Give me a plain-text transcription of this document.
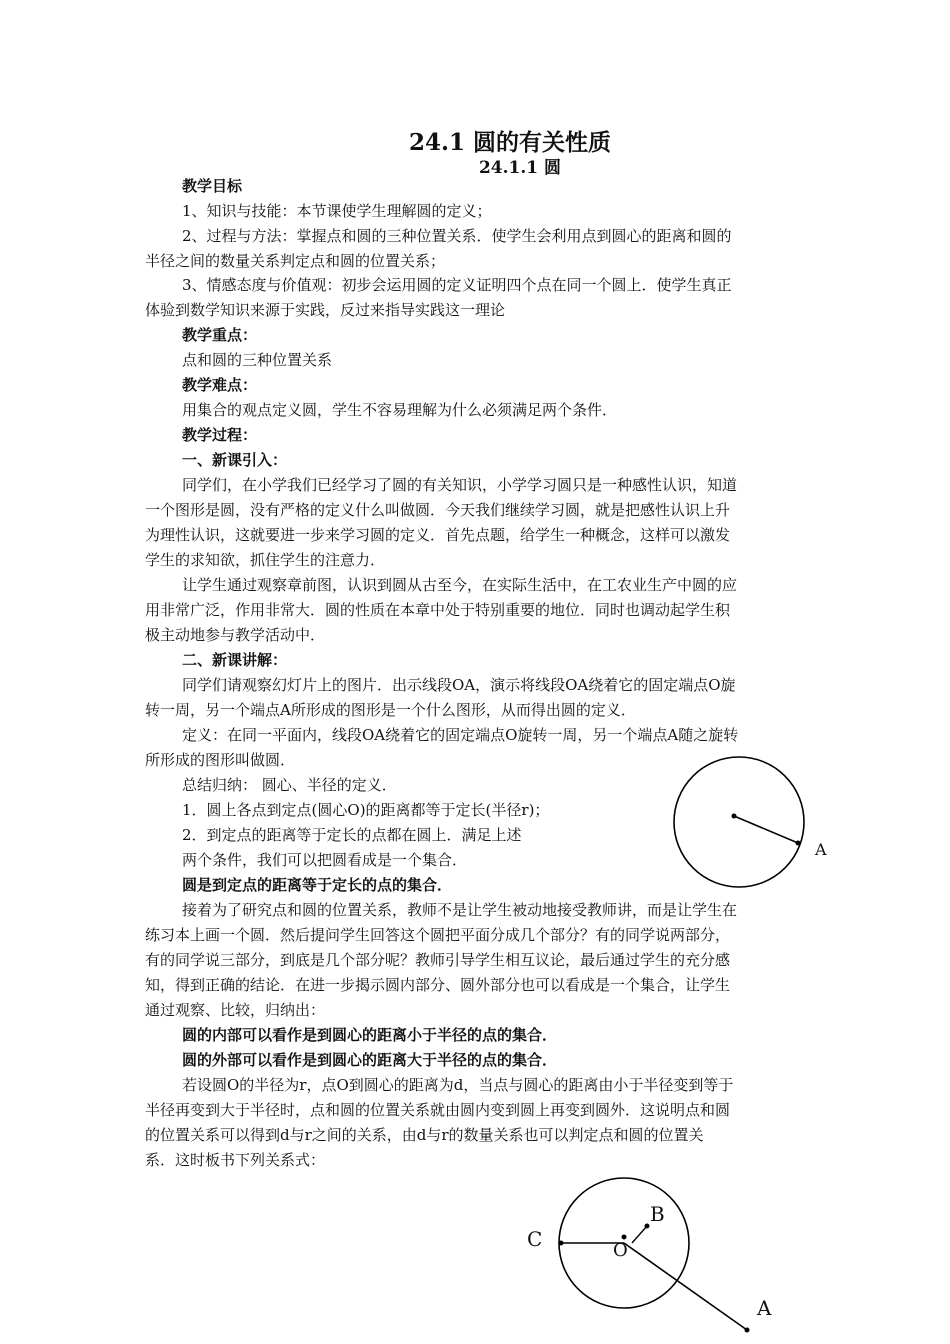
24.1 圆的有关性质
24.1.1 圆
教学目标
1、知识与技能：本节课使学生理解圆的定义；
2、过程与方法：掌握点和圆的三种位置关系．使学生会利用点到圆心的距离和圆的
半径之间的数量关系判定点和圆的位置关系；
3、情感态度与价值观：初步会运用圆的定义证明四个点在同一个圆上．使学生真正
体验到数学知识来源于实践，反过来指导实践这一理论
教学重点：
点和圆的三种位置关系
教学难点：
用集合的观点定义圆，学生不容易理解为什么必须满足两个条件．
教学过程：
一、新课引入：
同学们，在小学我们已经学习了圆的有关知识，小学学习圆只是一种感性认识，知道
一个图形是圆，没有严格的定义什么叫做圆．今天我们继续学习圆，就是把感性认识上升
为理性认识，这就要进一步来学习圆的定义．首先点题，给学生一种概念，这样可以激发
学生的求知欲，抓住学生的注意力．
让学生通过观察章前图，认识到圆从古至今，在实际生活中，在工农业生产中圆的应
用非常广泛，作用非常大．圆的性质在本章中处于特别重要的地位．同时也调动起学生积
极主动地参与教学活动中．
二、新课讲解：
同学们请观察幻灯片上的图片．出示线段OA，演示将线段OA绕着它的固定端点O旋
转一周，另一个端点A所形成的图形是一个什么图形，从而得出圆的定义．
定义：在同一平面内，线段OA绕着它的固定端点O旋转一周，另一个端点A随之旋转
所形成的图形叫做圆．
总结归纳： 圆心、半径的定义．
1．圆上各点到定点(圆心O)的距离都等于定长(半径r)；
2．到定点的距离等于定长的点都在圆上．满足上述
两个条件，我们可以把圆看成是一个集合．
圆是到定点的距离等于定长的点的集合．
接着为了研究点和圆的位置关系，教师不是让学生被动地接受教师讲，而是让学生在
练习本上画一个圆．然后提问学生回答这个圆把平面分成几个部分？有的同学说两部分，
有的同学说三部分，到底是几个部分呢？教师引导学生相互议论，最后通过学生的充分感
知，得到正确的结论．在进一步揭示圆内部分、圆外部分也可以看成是一个集合，让学生
通过观察、比较，归纳出：
圆的内部可以看作是到圆心的距离小于半径的点的集合．
圆的外部可以看作是到圆心的距离大于半径的点的集合．
若设圆O的半径为r，点O到圆心的距离为d，当点与圆心的距离由小于半径变到等于
半径再变到大于半径时，点和圆的位置关系就由圆内变到圆上再变到圆外．这说明点和圆
的位置关系可以得到d与r之间的关系，由d与r的数量关系也可以判定点和圆的位置关
系．这时板书下列关系式：
A
C
B
O
A
